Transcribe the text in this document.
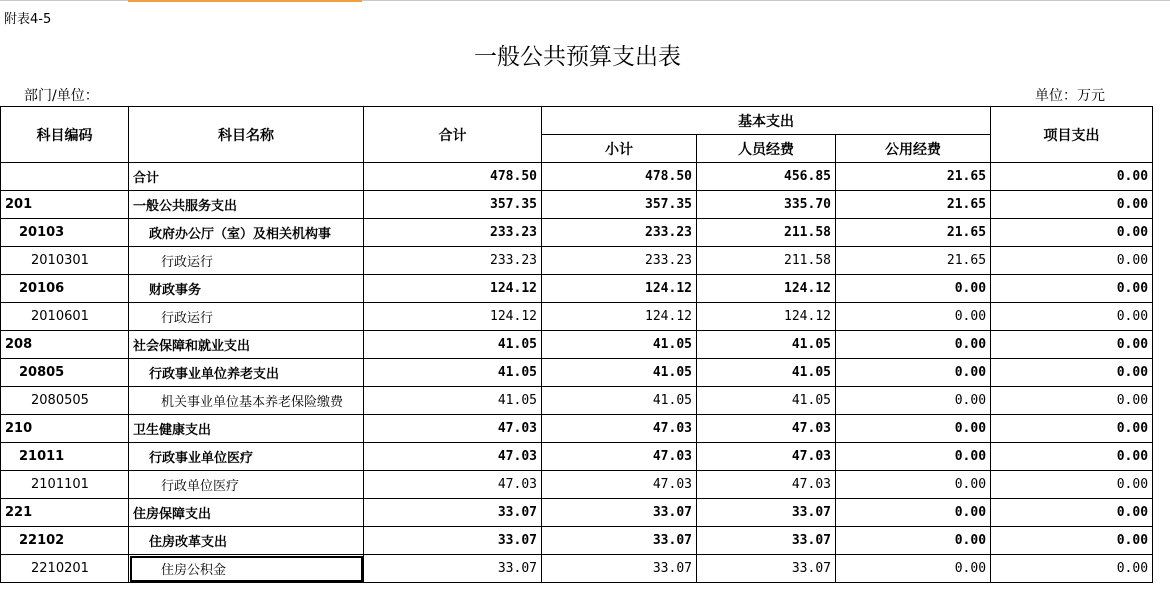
附表4-5
一般公共预算支出表
部门/单位：	单位：万元
科目编码	科目名称	合计	基本支出			项目支出
			小计	人员经费	公用经费	
	合计	478.50	478.50	456.85	21.65	0.00
201	一般公共服务支出	357.35	357.35	335.70	21.65	0.00
20103	政府办公厅（室）及相关机构事	233.23	233.23	211.58	21.65	0.00
2010301	行政运行	233.23	233.23	211.58	21.65	0.00
20106	财政事务	124.12	124.12	124.12	0.00	0.00
2010601	行政运行	124.12	124.12	124.12	0.00	0.00
208	社会保障和就业支出	41.05	41.05	41.05	0.00	0.00
20805	行政事业单位养老支出	41.05	41.05	41.05	0.00	0.00
2080505	机关事业单位基本养老保险缴费	41.05	41.05	41.05	0.00	0.00
210	卫生健康支出	47.03	47.03	47.03	0.00	0.00
21011	行政事业单位医疗	47.03	47.03	47.03	0.00	0.00
2101101	行政单位医疗	47.03	47.03	47.03	0.00	0.00
221	住房保障支出	33.07	33.07	33.07	0.00	0.00
22102	住房改革支出	33.07	33.07	33.07	0.00	0.00
2210201	住房公积金	33.07	33.07	33.07	0.00	0.00
